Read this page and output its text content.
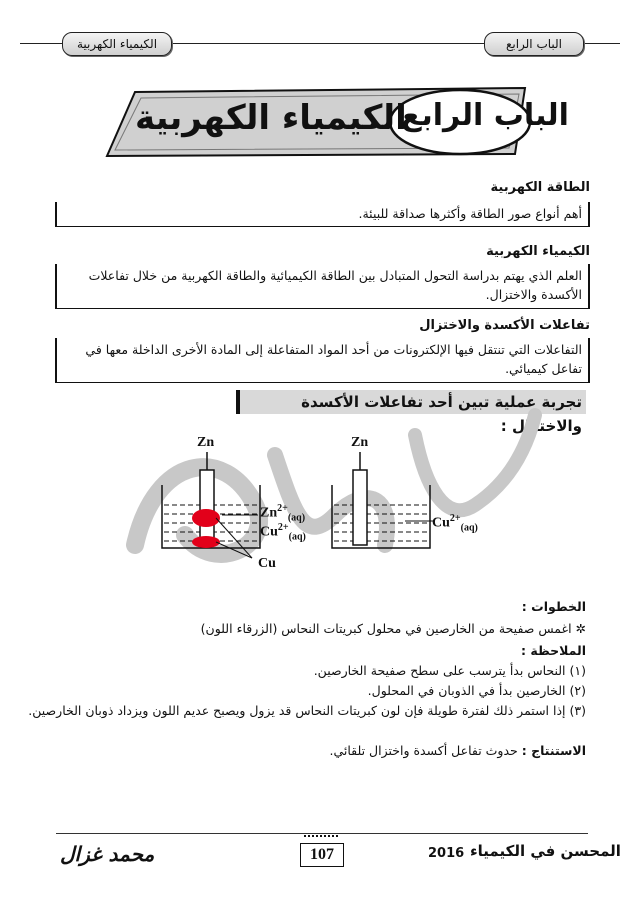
الكيمياء الكهربية	الباب الرابع
الباب الرابع
الكيمياء الكهربية
الطاقة الكهربية
أهم أنواع صور الطاقة وأكثرها صداقة للبيئة.
الكيمياء الكهربية
العلم الذي يهتم بدراسة التحول المتبادل بين الطاقة الكيميائية والطاقة الكهربية من خلال تفاعلات الأكسدة والاختزال.
تفاعلات الأكسدة والاختزال
التفاعلات التي تنتقل فيها الإلكترونات من أحد المواد المتفاعلة إلى المادة الأخرى الداخلة معها في تفاعل كيميائي.
تجربة عملية تبين أحد تفاعلات الأكسدة والاختزال :
Zn	Zn
$Zn^{2+}_{(aq)}$
$Cu^{2+}_{(aq)}$
$Cu^{2+}_{(aq)}$
Cu
الخطوات :
✲ اغمس صفيحة من الخارصين في محلول كبريتات النحاس (الزرقاء اللون)
الملاحظة :
(١) النحاس بدأ يترسب على سطح صفيحة الخارصين.
(٢) الخارصين بدأ في الذوبان في المحلول.
(٣) إذا استمر ذلك لفترة طويلة فإن لون كبريتات النحاس قد يزول ويصبح عديم اللون ويزداد ذوبان الخارصين.
الاستنتاج : حدوث تفاعل أكسدة واختزال تلقائي.
107
محمد غزال	2016 المحسن في الكيمياء
